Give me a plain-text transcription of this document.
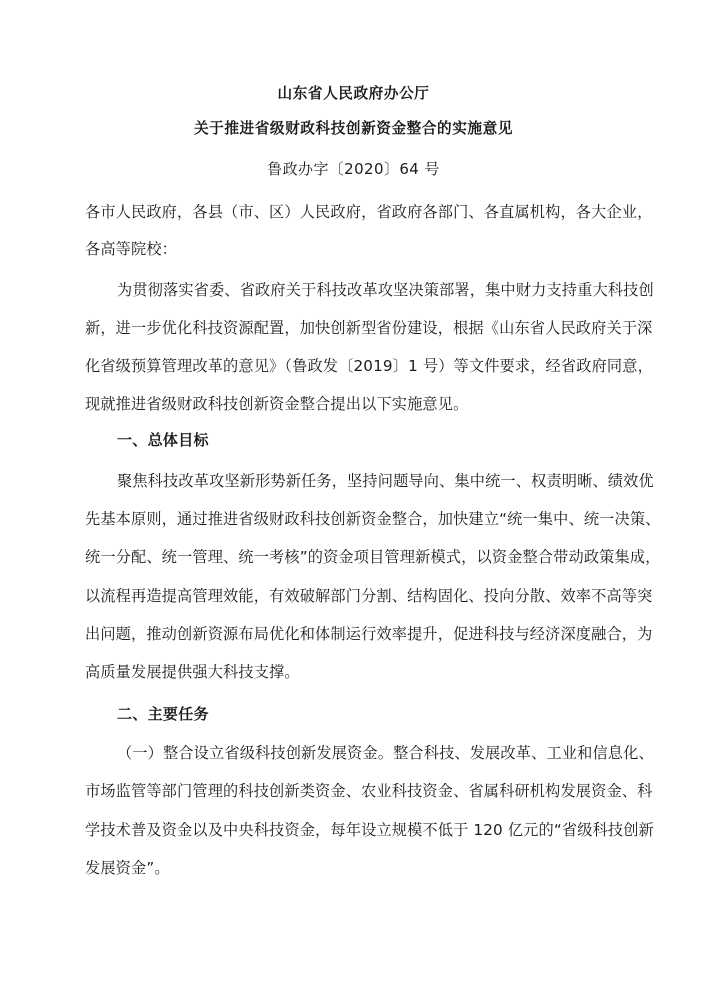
山东省人民政府办公厅
关于推进省级财政科技创新资金整合的实施意见
鲁政办字〔2020〕64 号
各市人民政府，各县（市、区）人民政府，省政府各部门、各直属机构，各大企业，
各高等院校：
为贯彻落实省委、省政府关于科技改革攻坚决策部署，集中财力支持重大科技创
新，进一步优化科技资源配置，加快创新型省份建设，根据《山东省人民政府关于深
化省级预算管理改革的意见》（鲁政发〔2019〕1 号）等文件要求，经省政府同意，
现就推进省级财政科技创新资金整合提出以下实施意见。
一、总体目标
聚焦科技改革攻坚新形势新任务，坚持问题导向、集中统一、权责明晰、绩效优
先基本原则，通过推进省级财政科技创新资金整合，加快建立“统一集中、统一决策、
统一分配、统一管理、统一考核”的资金项目管理新模式，以资金整合带动政策集成，
以流程再造提高管理效能，有效破解部门分割、结构固化、投向分散、效率不高等突
出问题，推动创新资源布局优化和体制运行效率提升，促进科技与经济深度融合，为
高质量发展提供强大科技支撑。
二、主要任务
（一）整合设立省级科技创新发展资金。整合科技、发展改革、工业和信息化、
市场监管等部门管理的科技创新类资金、农业科技资金、省属科研机构发展资金、科
学技术普及资金以及中央科技资金，每年设立规模不低于 120 亿元的“省级科技创新
发展资金”。
